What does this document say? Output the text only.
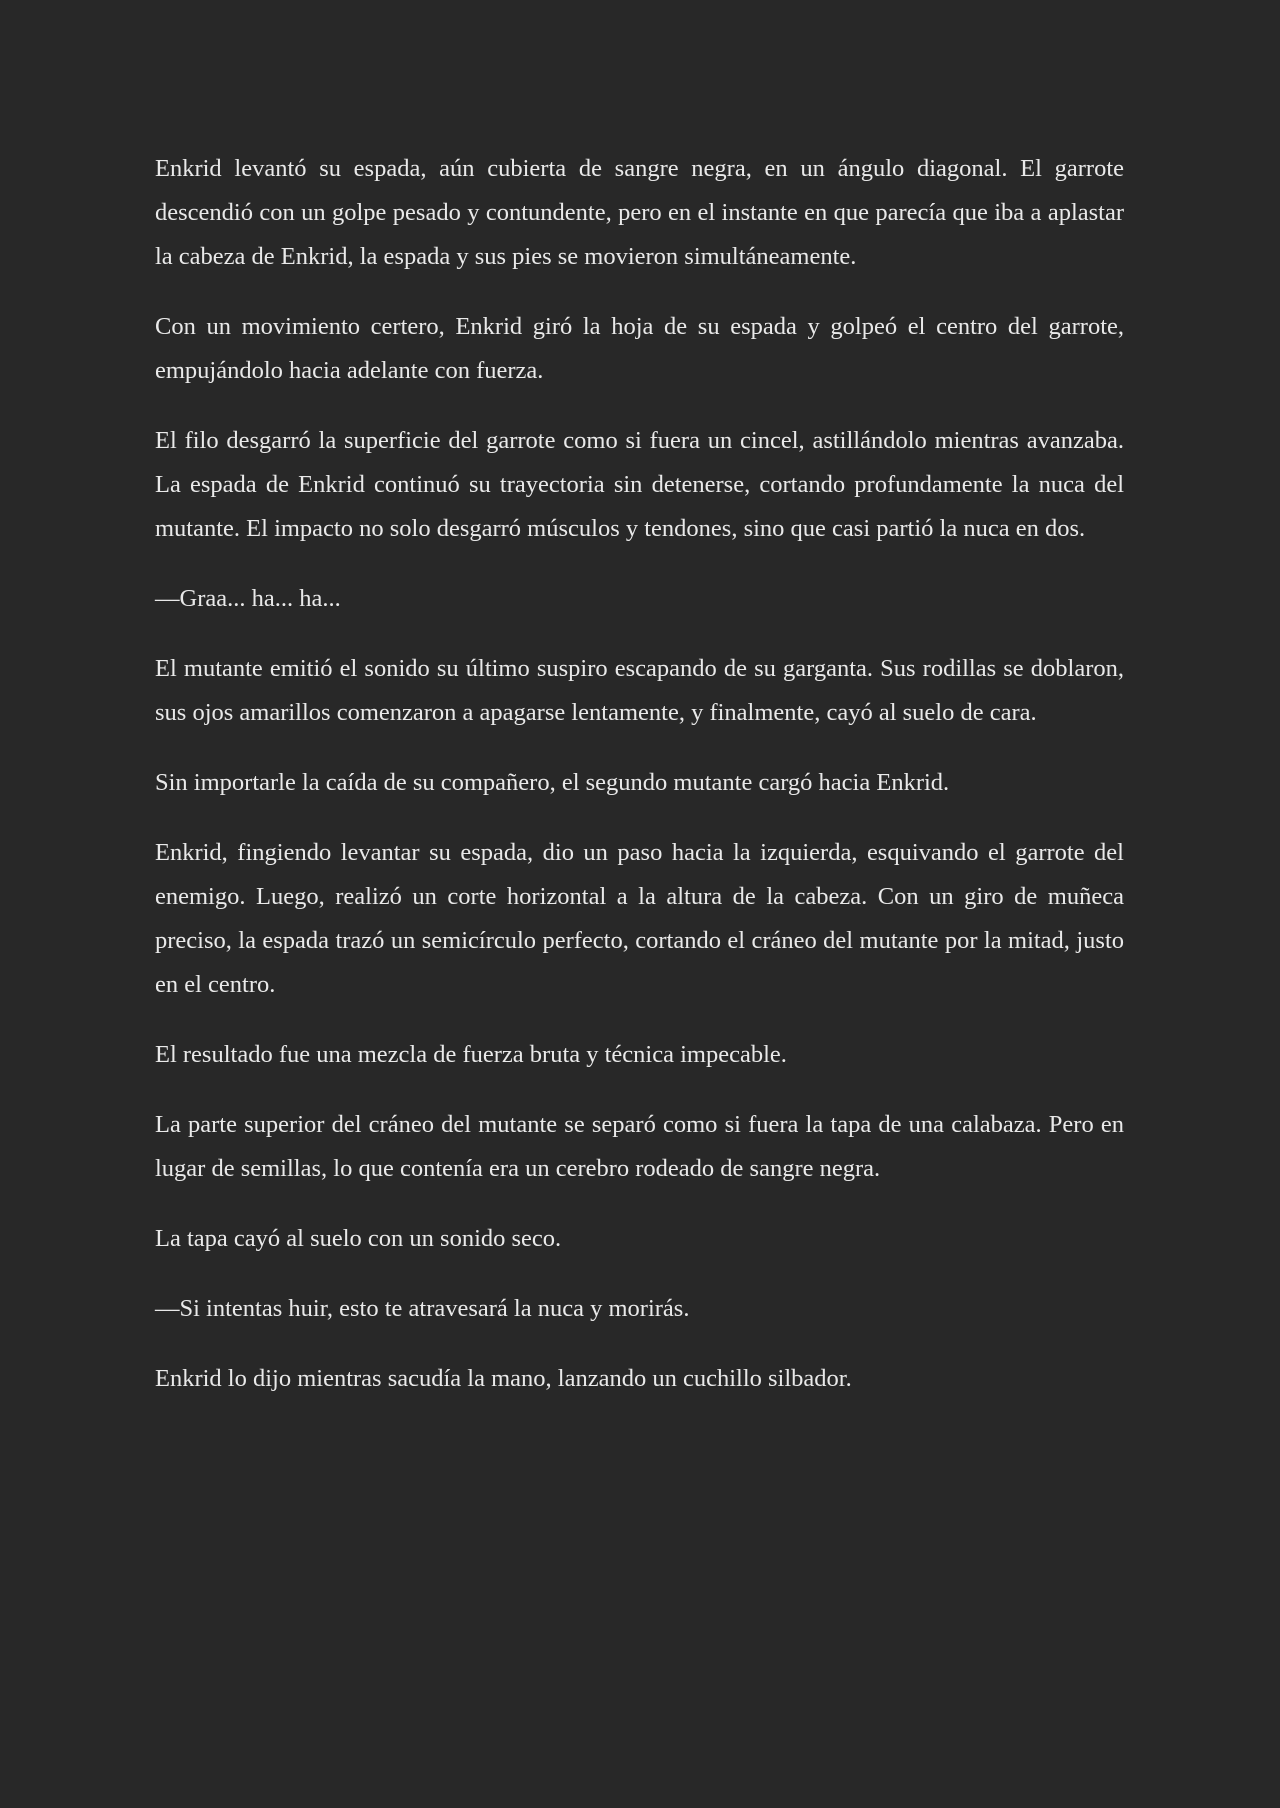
Enkrid levantó su espada, aún cubierta de sangre negra, en un ángulo diagonal. El garrote descendió con un golpe pesado y contundente, pero en el instante en que parecía que iba a aplastar la cabeza de Enkrid, la espada y sus pies se movieron simultáneamente.

Con un movimiento certero, Enkrid giró la hoja de su espada y golpeó el centro del garrote, empujándolo hacia adelante con fuerza.

El filo desgarró la superficie del garrote como si fuera un cincel, astillándolo mientras avanzaba. La espada de Enkrid continuó su trayectoria sin detenerse, cortando profundamente la nuca del mutante. El impacto no solo desgarró músculos y tendones, sino que casi partió la nuca en dos.

—Graa... ha... ha...

El mutante emitió el sonido su último suspiro escapando de su garganta. Sus rodillas se doblaron, sus ojos amarillos comenzaron a apagarse lentamente, y finalmente, cayó al suelo de cara.

Sin importarle la caída de su compañero, el segundo mutante cargó hacia Enkrid.

Enkrid, fingiendo levantar su espada, dio un paso hacia la izquierda, esquivando el garrote del enemigo. Luego, realizó un corte horizontal a la altura de la cabeza. Con un giro de muñeca preciso, la espada trazó un semicírculo perfecto, cortando el cráneo del mutante por la mitad, justo en el centro.

El resultado fue una mezcla de fuerza bruta y técnica impecable.

La parte superior del cráneo del mutante se separó como si fuera la tapa de una calabaza. Pero en lugar de semillas, lo que contenía era un cerebro rodeado de sangre negra.

La tapa cayó al suelo con un sonido seco.

—Si intentas huir, esto te atravesará la nuca y morirás.

Enkrid lo dijo mientras sacudía la mano, lanzando un cuchillo silbador.
